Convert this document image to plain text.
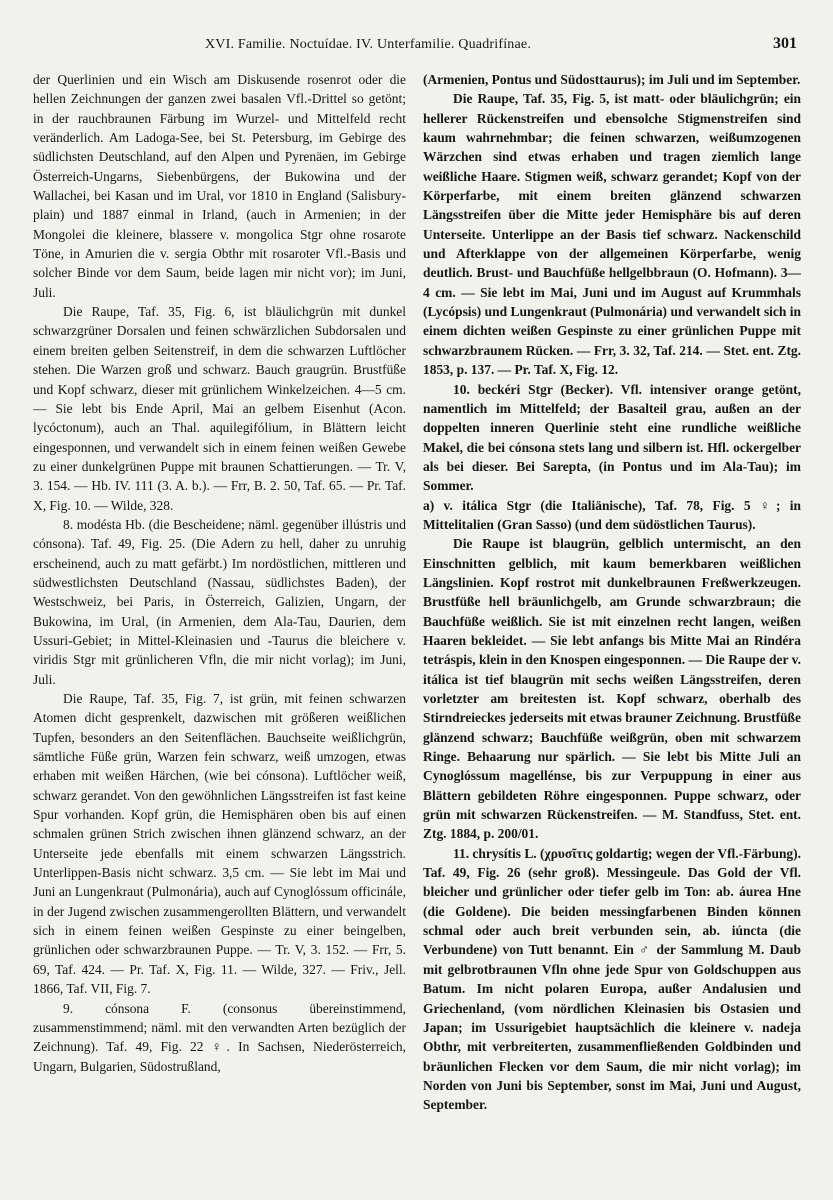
XVI. Familie. Noctuídae. IV. Unterfamilie. Quadrifínae.	301

der Querlinien und ein Wisch am Diskusende rosenrot oder die hellen Zeichnungen der ganzen zwei basalen Vfl.-Drittel so getönt; in der rauchbraunen Färbung im Wurzel- und Mittelfeld recht veränderlich. Am Ladoga-See, bei St. Petersburg, im Gebirge des südlichsten Deutschland, auf den Alpen und Pyrenäen, im Gebirge Österreich-Ungarns, Siebenbürgens, der Bukowina und der Wallachei, bei Kasan und im Ural, vor 1810 in England (Salisbury-plain) und 1887 einmal in Irland, (auch in Armenien; in der Mongolei die kleinere, blassere v. mongolica Stgr ohne rosarote Töne, in Amurien die v. sergia Obthr mit rosaroter Vfl.-Basis und solcher Binde vor dem Saum, beide lagen mir nicht vor); im Juni, Juli.

Die Raupe, Taf. 35, Fig. 6, ist bläulichgrün mit dunkel schwarzgrüner Dorsalen und feinen schwärzlichen Subdorsalen und einem breiten gelben Seitenstreif, in dem die schwarzen Luftlöcher stehen. Die Warzen groß und schwarz. Bauch graugrün. Brustfüße und Kopf schwarz, dieser mit grünlichem Winkelzeichen. 4—5 cm. — Sie lebt bis Ende April, Mai an gelbem Eisenhut (Acon. lycóctonum), auch an Thal. aquilegifólium, in Blättern leicht eingesponnen, und verwandelt sich in einem feinen weißen Gewebe zu einer dunkelgrünen Puppe mit braunen Schattierungen. — Tr. V, 3. 154. — Hb. IV. 111 (3. A. b.). — Frr, B. 2. 50, Taf. 65. — Pr. Taf. X, Fig. 10. — Wilde, 328.

8. modésta Hb. (die Bescheidene; näml. gegenüber illústris und cónsona). Taf. 49, Fig. 25. (Die Adern zu hell, daher zu unruhig erscheinend, auch zu matt gefärbt.) Im nordöstlichen, mittleren und südwestlichsten Deutschland (Nassau, südlichstes Baden), der Westschweiz, bei Paris, in Österreich, Galizien, Ungarn, der Bukowina, im Ural, (in Armenien, dem Ala-Tau, Daurien, dem Ussuri-Gebiet; in Mittel-Kleinasien und -Taurus die bleichere v. viridis Stgr mit grünlicheren Vfln, die mir nicht vorlag); im Juni, Juli.

Die Raupe, Taf. 35, Fig. 7, ist grün, mit feinen schwarzen Atomen dicht gesprenkelt, dazwischen mit größeren weißlichen Tupfen, besonders an den Seitenflächen. Bauchseite weißlichgrün, sämtliche Füße grün, Warzen fein schwarz, weiß umzogen, etwas erhaben mit weißen Härchen, (wie bei cónsona). Luftlöcher weiß, schwarz gerandet. Von den gewöhnlichen Längsstreifen ist fast keine Spur vorhanden. Kopf grün, die Hemisphären oben bis auf einen schmalen grünen Strich zwischen ihnen glänzend schwarz, an der Unterseite jede ebenfalls mit einem schwarzen Längsstrich. Unterlippen-Basis nicht schwarz. 3,5 cm. — Sie lebt im Mai und Juni an Lungenkraut (Pulmonária), auch auf Cynoglóssum officinále, in der Jugend zwischen zusammengerollten Blättern, und verwandelt sich in einem feinen weißen Gespinste zu einer beingelben, grünlichen oder schwarzbraunen Puppe. — Tr. V, 3. 152. — Frr, 5. 69, Taf. 424. — Pr. Taf. X, Fig. 11. — Wilde, 327. — Friv., Jell. 1866, Taf. VII, Fig. 7.

9. cónsona F. (consonus übereinstimmend, zusammenstimmend; näml. mit den verwandten Arten bezüglich der Zeichnung). Taf. 49, Fig. 22 ♀. In Sachsen, Niederösterreich, Ungarn, Bulgarien, Südostrußland,

(Armenien, Pontus und Südosttaurus); im Juli und im September.

Die Raupe, Taf. 35, Fig. 5, ist matt- oder bläulichgrün; ein hellerer Rückenstreifen und ebensolche Stigmenstreifen sind kaum wahrnehmbar; die feinen schwarzen, weißumzogenen Wärzchen sind etwas erhaben und tragen ziemlich lange weißliche Haare. Stigmen weiß, schwarz gerandet; Kopf von der Körperfarbe, mit einem breiten glänzend schwarzen Längsstreifen über die Mitte jeder Hemisphäre bis auf deren Unterseite. Unterlippe an der Basis tief schwarz. Nackenschild und Afterklappe von der allgemeinen Körperfarbe, wenig deutlich. Brust- und Bauchfüße hellgelbbraun (O. Hofmann). 3—4 cm. — Sie lebt im Mai, Juni und im August auf Krummhals (Lycópsis) und Lungenkraut (Pulmonária) und verwandelt sich in einem dichten weißen Gespinste zu einer grünlichen Puppe mit schwarzbraunem Rücken. — Frr, 3. 32, Taf. 214. — Stet. ent. Ztg. 1853, p. 137. — Pr. Taf. X, Fig. 12.

10. beckéri Stgr (Becker). Vfl. intensiver orange getönt, namentlich im Mittelfeld; der Basalteil grau, außen an der doppelten inneren Querlinie steht eine rundliche weißliche Makel, die bei cónsona stets lang und silbern ist. Hfl. ockergelber als bei dieser. Bei Sarepta, (in Pontus und im Ala-Tau); im Sommer.

a) v. itálica Stgr (die Italiänische), Taf. 78, Fig. 5 ♀; in Mittelitalien (Gran Sasso) (und dem südöstlichen Taurus).

Die Raupe ist blaugrün, gelblich untermischt, an den Einschnitten gelblich, mit kaum bemerkbaren weißlichen Längslinien. Kopf rostrot mit dunkelbraunen Freßwerkzeugen. Brustfüße hell bräunlichgelb, am Grunde schwarzbraun; die Bauchfüße weißlich. Sie ist mit einzelnen recht langen, weißen Haaren bekleidet. — Sie lebt anfangs bis Mitte Mai an Rindéra tetráspis, klein in den Knospen eingesponnen. — Die Raupe der v. itálica ist tief blaugrün mit sechs weißen Längsstreifen, deren vorletzter am breitesten ist. Kopf schwarz, oberhalb des Stirndreieckes jederseits mit etwas brauner Zeichnung. Brustfüße glänzend schwarz; Bauchfüße weißgrün, oben mit schwarzem Ringe. Behaarung nur spärlich. — Sie lebt bis Mitte Juli an Cynoglóssum magellénse, bis zur Verpuppung in einer aus Blättern gebildeten Röhre eingesponnen. Puppe schwarz, oder grün mit schwarzen Rückenstreifen. — M. Standfuss, Stet. ent. Ztg. 1884, p. 200/01.

11. chrysítis L. (χρυσῖτις goldartig; wegen der Vfl.-Färbung). Taf. 49, Fig. 26 (sehr groß). Messingeule. Das Gold der Vfl. bleicher und grünlicher oder tiefer gelb im Ton: ab. áurea Hne (die Goldene). Die beiden messingfarbenen Binden können schmal oder auch breit verbunden sein, ab. iúncta (die Verbundene) von Tutt benannt. Ein ♂ der Sammlung M. Daub mit gelbrotbraunen Vfln ohne jede Spur von Goldschuppen aus Batum. Im nicht polaren Europa, außer Andalusien und Griechenland, (vom nördlichen Kleinasien bis Ostasien und Japan; im Ussurigebiet hauptsächlich die kleinere v. nadeja Obthr, mit verbreiterten, zusammenfließenden Goldbinden und bräunlichen Flecken vor dem Saum, die mir nicht vorlag); im Norden von Juni bis September, sonst im Mai, Juni und August, September.
